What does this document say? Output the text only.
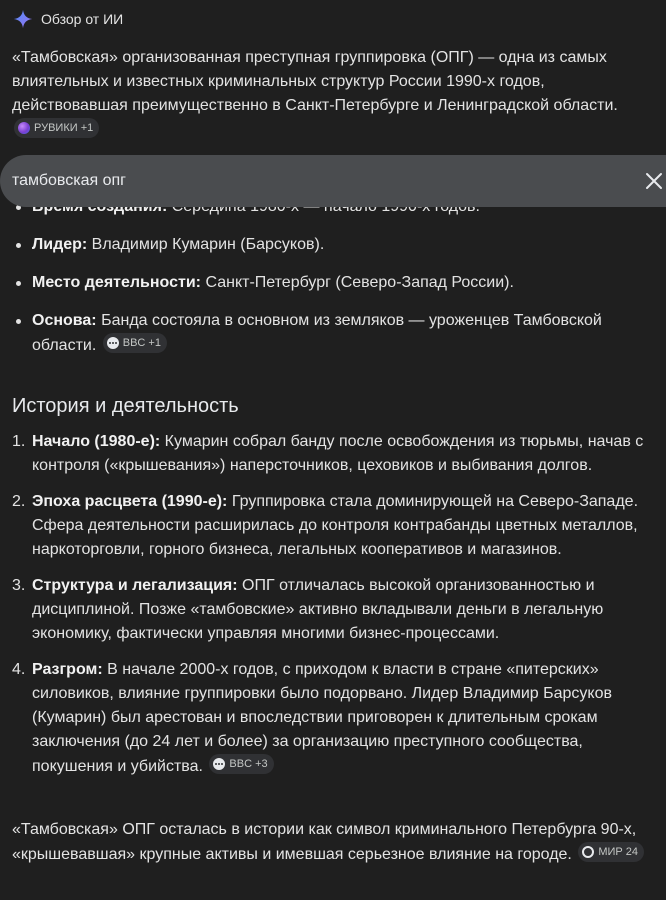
Обзор от ИИ

«Тамбовская» организованная преступная группировка (ОПГ) — одна из самых влиятельных и известных криминальных структур России 1990-х годов, действовавшая преимущественно в Санкт-Петербурге и Ленинградской области.
РУВИКИ +1

Лидер: Владимир Кумарин (Барсуков).
Место деятельности: Санкт-Петербург (Северо-Запад России).
Основа: Банда состояла в основном из земляков — уроженцев Тамбовской области. BBC +1
тамбовская опг
История и деятельность
1. Начало (1980-е): Кумарин собрал банду после освобождения из тюрьмы, начав с контроля («крышевания») наперсточников, цеховиков и выбивания долгов.
2. Эпоха расцвета (1990-е): Группировка стала доминирующей на Северо-Западе. Сфера деятельности расширилась до контроля контрабанды цветных металлов, наркоторговли, горного бизнеса, легальных кооперативов и магазинов.
3. Структура и легализация: ОПГ отличалась высокой организованностью и дисциплиной. Позже «тамбовские» активно вкладывали деньги в легальную экономику, фактически управляя многими бизнес-процессами.
4. Разгром: В начале 2000-х годов, с приходом к власти в стране «питерских» силовиков, влияние группировки было подорвано. Лидер Владимир Барсуков (Кумарин) был арестован и впоследствии приговорен к длительным срокам заключения (до 24 лет и более) за организацию преступного сообщества, покушения и убийства. BBC +3

«Тамбовская» ОПГ осталась в истории как символ криминального Петербурга 90-х, «крышевавшая» крупные активы и имевшая серьезное влияние на городе. МИР 24
